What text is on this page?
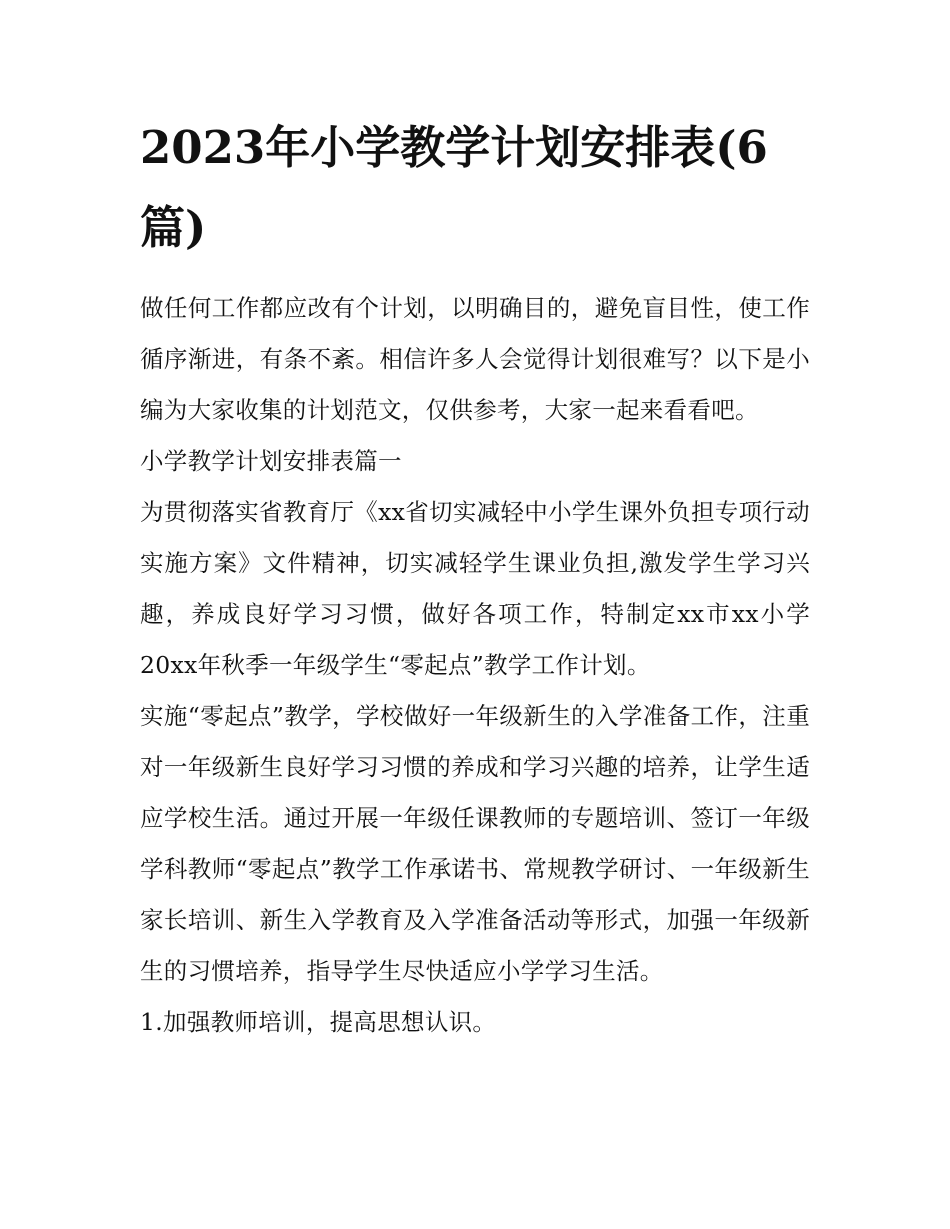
2023年小学教学计划安排表(6篇)

做任何工作都应改有个计划，以明确目的，避免盲目性，使工作循序渐进，有条不紊。相信许多人会觉得计划很难写？以下是小编为大家收集的计划范文，仅供参考，大家一起来看看吧。

小学教学计划安排表篇一

为贯彻落实省教育厅《xx省切实减轻中小学生课外负担专项行动实施方案》文件精神，切实减轻学生课业负担,激发学生学习兴趣，养成良好学习习惯，做好各项工作，特制定xx市xx小学20xx年秋季一年级学生“零起点”教学工作计划。

实施“零起点”教学，学校做好一年级新生的入学准备工作，注重对一年级新生良好学习习惯的养成和学习兴趣的培养，让学生适应学校生活。通过开展一年级任课教师的专题培训、签订一年级学科教师“零起点”教学工作承诺书、常规教学研讨、一年级新生家长培训、新生入学教育及入学准备活动等形式，加强一年级新生的习惯培养，指导学生尽快适应小学学习生活。

1.加强教师培训，提高思想认识。
